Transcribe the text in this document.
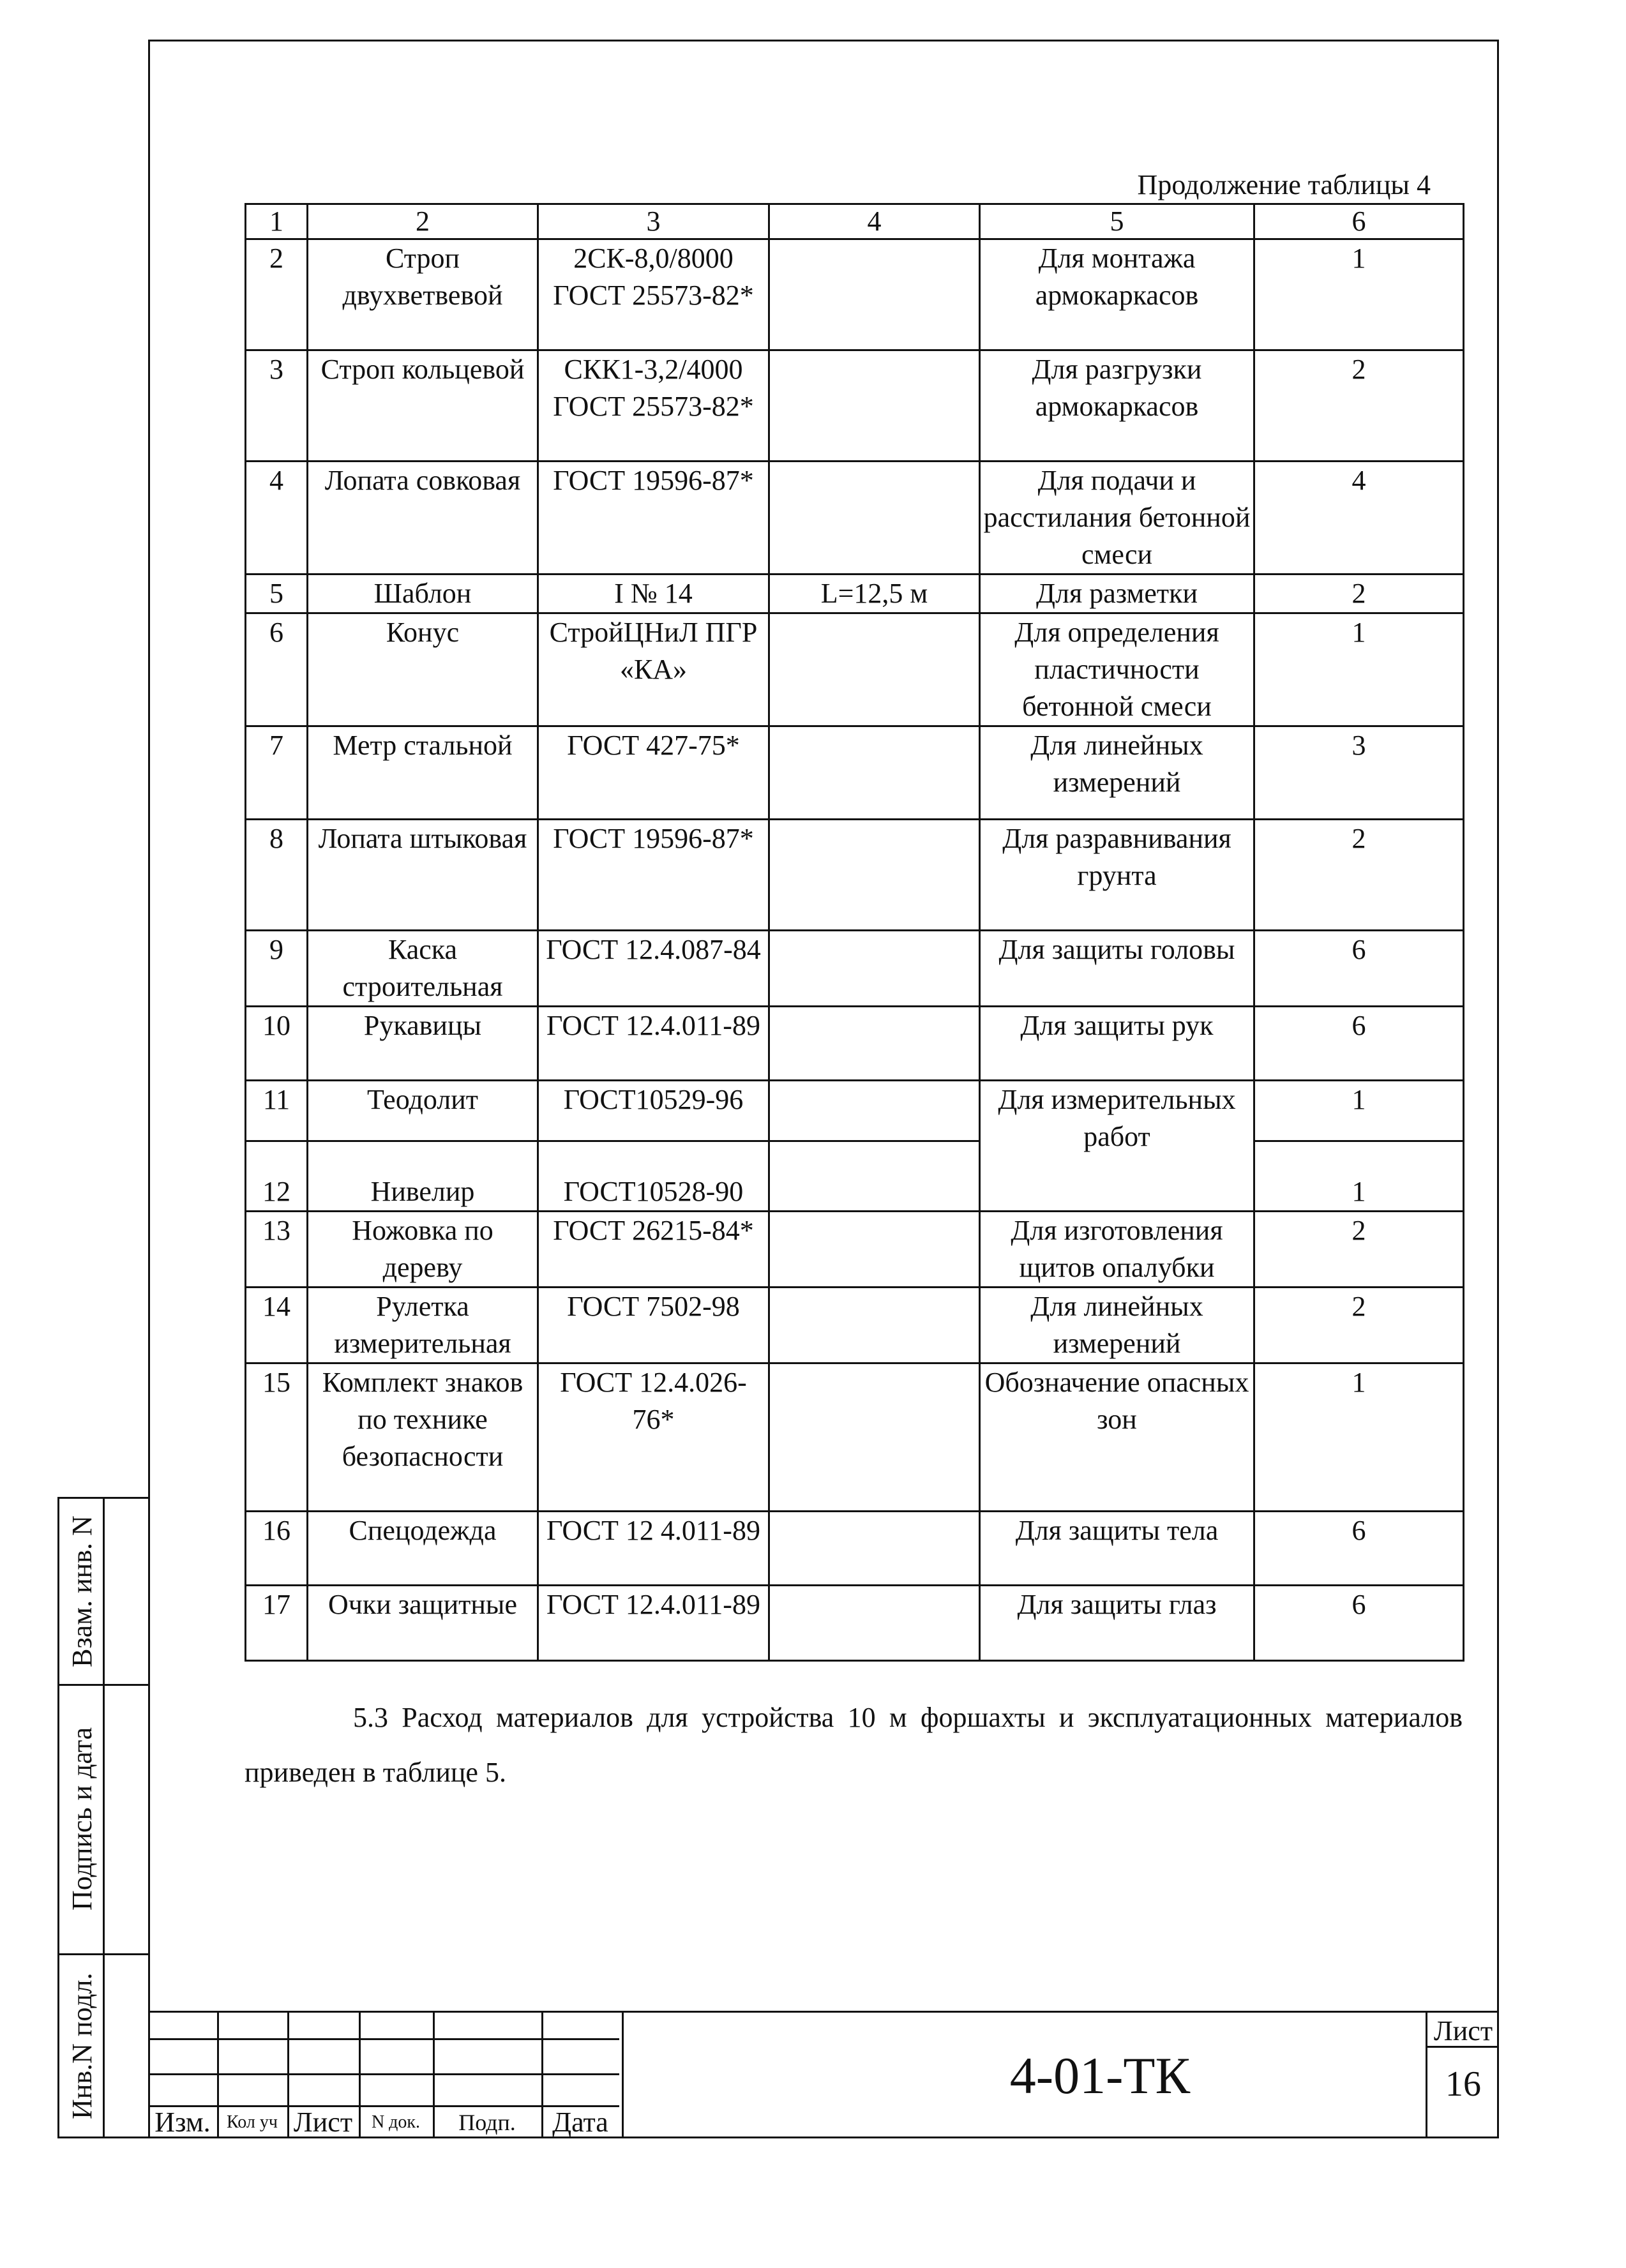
Продолжение таблицы 4
1	2	3	4	5	6
2	Строп двухветвевой	2СК-8,0/8000 ГОСТ 25573-82*		Для монтажа армокаркасов	1
3	Строп кольцевой	СКК1-3,2/4000 ГОСТ 25573-82*		Для разгрузки армокаркасов	2
4	Лопата совковая	ГОСТ 19596-87*		Для подачи и расстилания бетонной смеси	4
5	Шаблон	I № 14	L=12,5 м	Для разметки	2
6	Конус	СтройЦНиЛ ПГР «КА»		Для определения пластичности бетонной смеси	1
7	Метр стальной	ГОСТ 427-75*		Для линейных измерений	3
8	Лопата штыковая	ГОСТ 19596-87*		Для разравнивания грунта	2
9	Каска строительная	ГОСТ 12.4.087-84		Для защиты головы	6
10	Рукавицы	ГОСТ 12.4.011-89		Для защиты рук	6
11	Теодолит	ГОСТ10529-96		Для измерительных работ	1
12	Нивелир	ГОСТ10528-90			1
13	Ножовка по дереву	ГОСТ 26215-84*		Для изготовления щитов опалубки	2
14	Рулетка измерительная	ГОСТ 7502-98		Для линейных измерений	2
15	Комплект знаков по технике безопасности	ГОСТ 12.4.026-76*		Обозначение опасных зон	1
16	Спецодежда	ГОСТ 12 4.011-89		Для защиты тела	6
17	Очки защитные	ГОСТ 12.4.011-89		Для защиты глаз	6
5.3 Расход материалов для устройства 10 м форшахты и эксплуатационных материалов приведен в таблице 5.
Взам. инв. N
Подпись и дата
Инв.N подл.
Изм. Кол уч Лист	N док.	Подп.	Дата
4-01-ТК
Лист
16
